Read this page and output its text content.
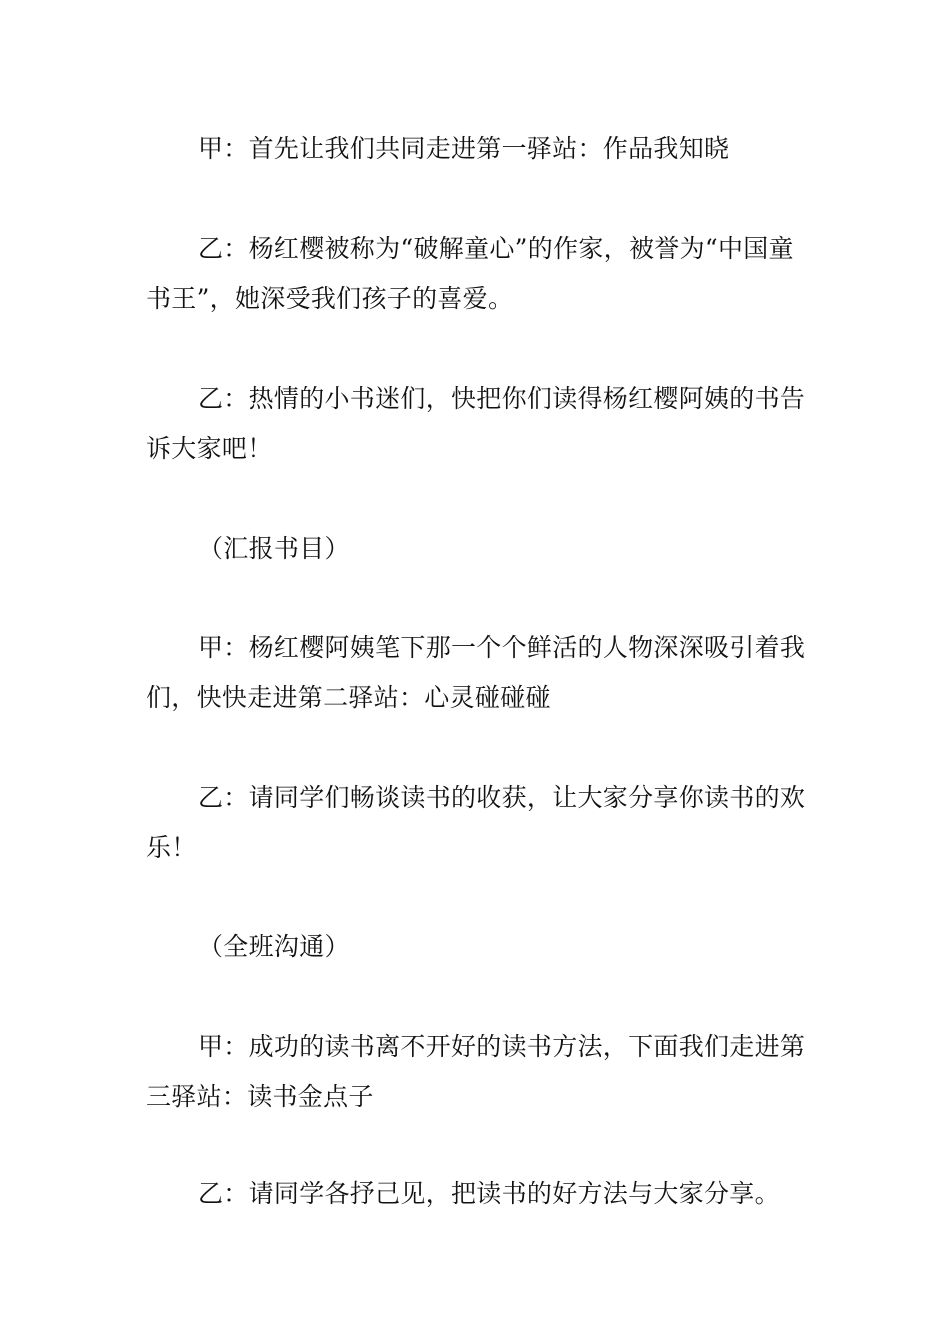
甲：首先让我们共同走进第一驿站：作品我知晓

乙：杨红樱被称为“破解童心”的作家，被誉为“中国童书王”，她深受我们孩子的喜爱。

乙：热情的小书迷们，快把你们读得杨红樱阿姨的书告诉大家吧！

（汇报书目）

甲：杨红樱阿姨笔下那一个个鲜活的人物深深吸引着我们，快快走进第二驿站：心灵碰碰碰

乙：请同学们畅谈读书的收获，让大家分享你读书的欢乐！

（全班沟通）

甲：成功的读书离不开好的读书方法，下面我们走进第三驿站：读书金点子

乙：请同学各抒己见，把读书的好方法与大家分享。
